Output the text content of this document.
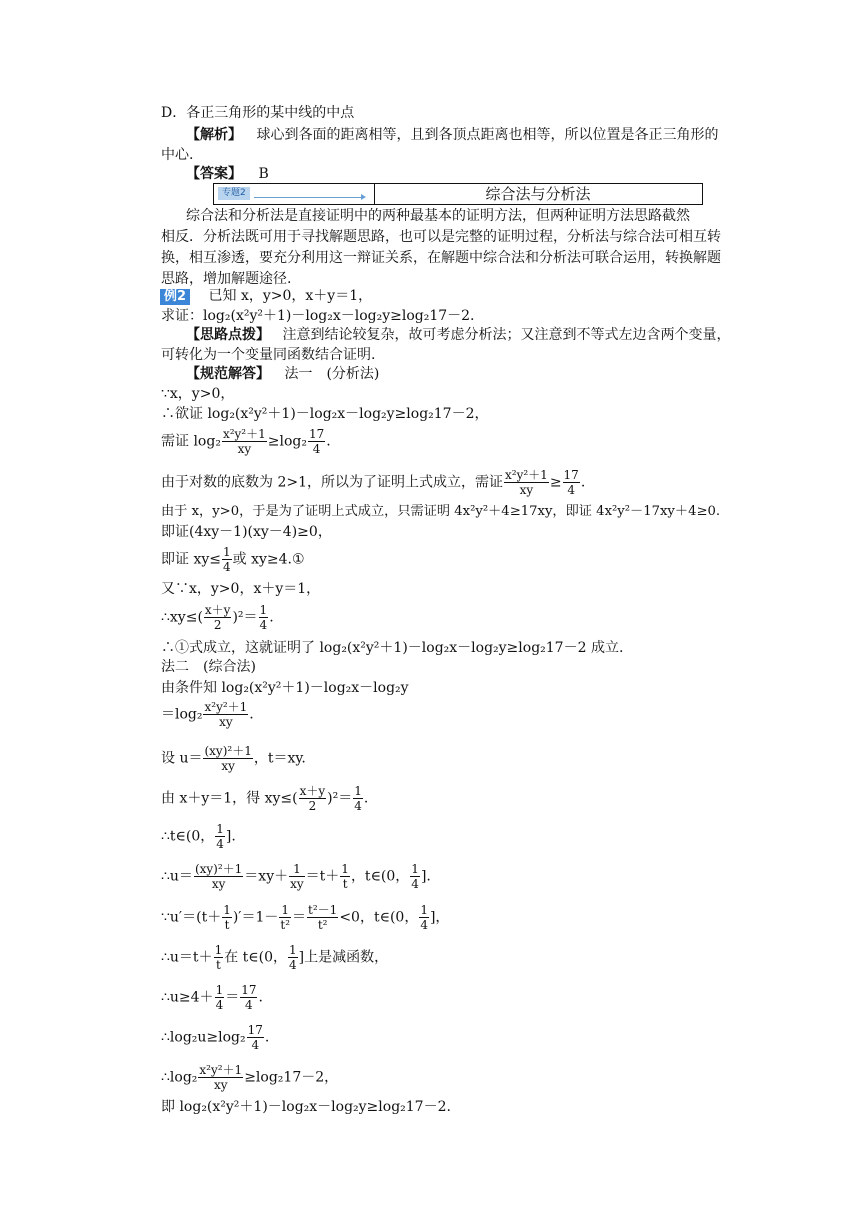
D．各正三角形的某中线的中点
【解析】 球心到各面的距离相等，且到各顶点距离也相等，所以位置是各正三角形的
中心.
【答案】 B
专题2	综合法与分析法
综合法和分析法是直接证明中的两种最基本的证明方法，但两种证明方法思路截然
相反．分析法既可用于寻找解题思路，也可以是完整的证明过程，分析法与综合法可相互转
换，相互渗透，要充分利用这一辩证关系，在解题中综合法和分析法可联合运用，转换解题
思路，增加解题途径.
例2 已知 x，y>0，x＋y＝1，
求证：log₂(x²y²＋1)－log₂x－log₂y≥log₂17－2.
【思路点拨】 注意到结论较复杂，故可考虑分析法；又注意到不等式左边含两个变量，
可转化为一个变量同函数结合证明.
【规范解答】 法一　(分析法)
∵x，y>0，
∴欲证 log₂(x²y²＋1)－log₂x－log₂y≥log₂17－2，
需证 $\log_2 \frac{\text{x²y²＋1}}{xy} \ge\log_2 \frac{17}{4}$ .
由于对数的底数为 2>1，所以为了证明上式成立，需证 $\frac{\text{x²y²＋1}}{xy} \ge \frac{17}{4}$ .
由于 x，y>0，于是为了证明上式成立，只需证明 4x²y²＋4≥17xy，即证 4x²y²－17xy＋4≥0.
即证(4xy－1)(xy－4)≥0，
即证 $xy\le \frac{1}{4}$ 或 xy≥4.①
又∵x，y>0，x＋y＝1，
∴xy≤( $\frac{x+y}{2} )^2= \frac{1}{4}$ .
∴①式成立，这就证明了 log₂(x²y²＋1)－log₂x－log₂y≥log₂17－2 成立.
法二　(综合法)
由条件知 log₂(x²y²＋1)－log₂x－log₂y
$=\log_2 \frac{\text{x²y²＋1}}{xy}$ .
设 $u= \frac{\text{(xy)²＋1}}{xy}$ ，t＝xy.
由 x＋y＝1，得 $xy\le( \frac{x+y}{2} )^2= \frac{1}{4}$ .
∴t∈(0， $\frac{1}{4}$ ].
∴u＝ $\frac{\text{(xy)²＋1}}{xy} =xy+ \frac{1}{xy} =t+ \frac{1}{t}$ ，t∈(0， $\frac{1}{4}$ ].
∵u′＝(t＋ $\frac{1}{t} )'=1- \frac{1}{\text{t²}} = \frac{\text{t²－1}}{\text{t²}} <0$，t∈(0， $\frac{1}{4}$ ]，
∴u＝t＋ $\frac{1}{t}$ 在 t∈(0， $\frac{1}{4}$ ]上是减函数，
∴u≥4＋ $\frac{1}{4} = \frac{17}{4}$ .
∴log₂u≥log₂ $\frac{17}{4}$ .
∴log₂ $\frac{\text{x²y²＋1}}{xy} \ge\log_217-2$，
即 log₂(x²y²＋1)－log₂x－log₂y≥log₂17－2.
